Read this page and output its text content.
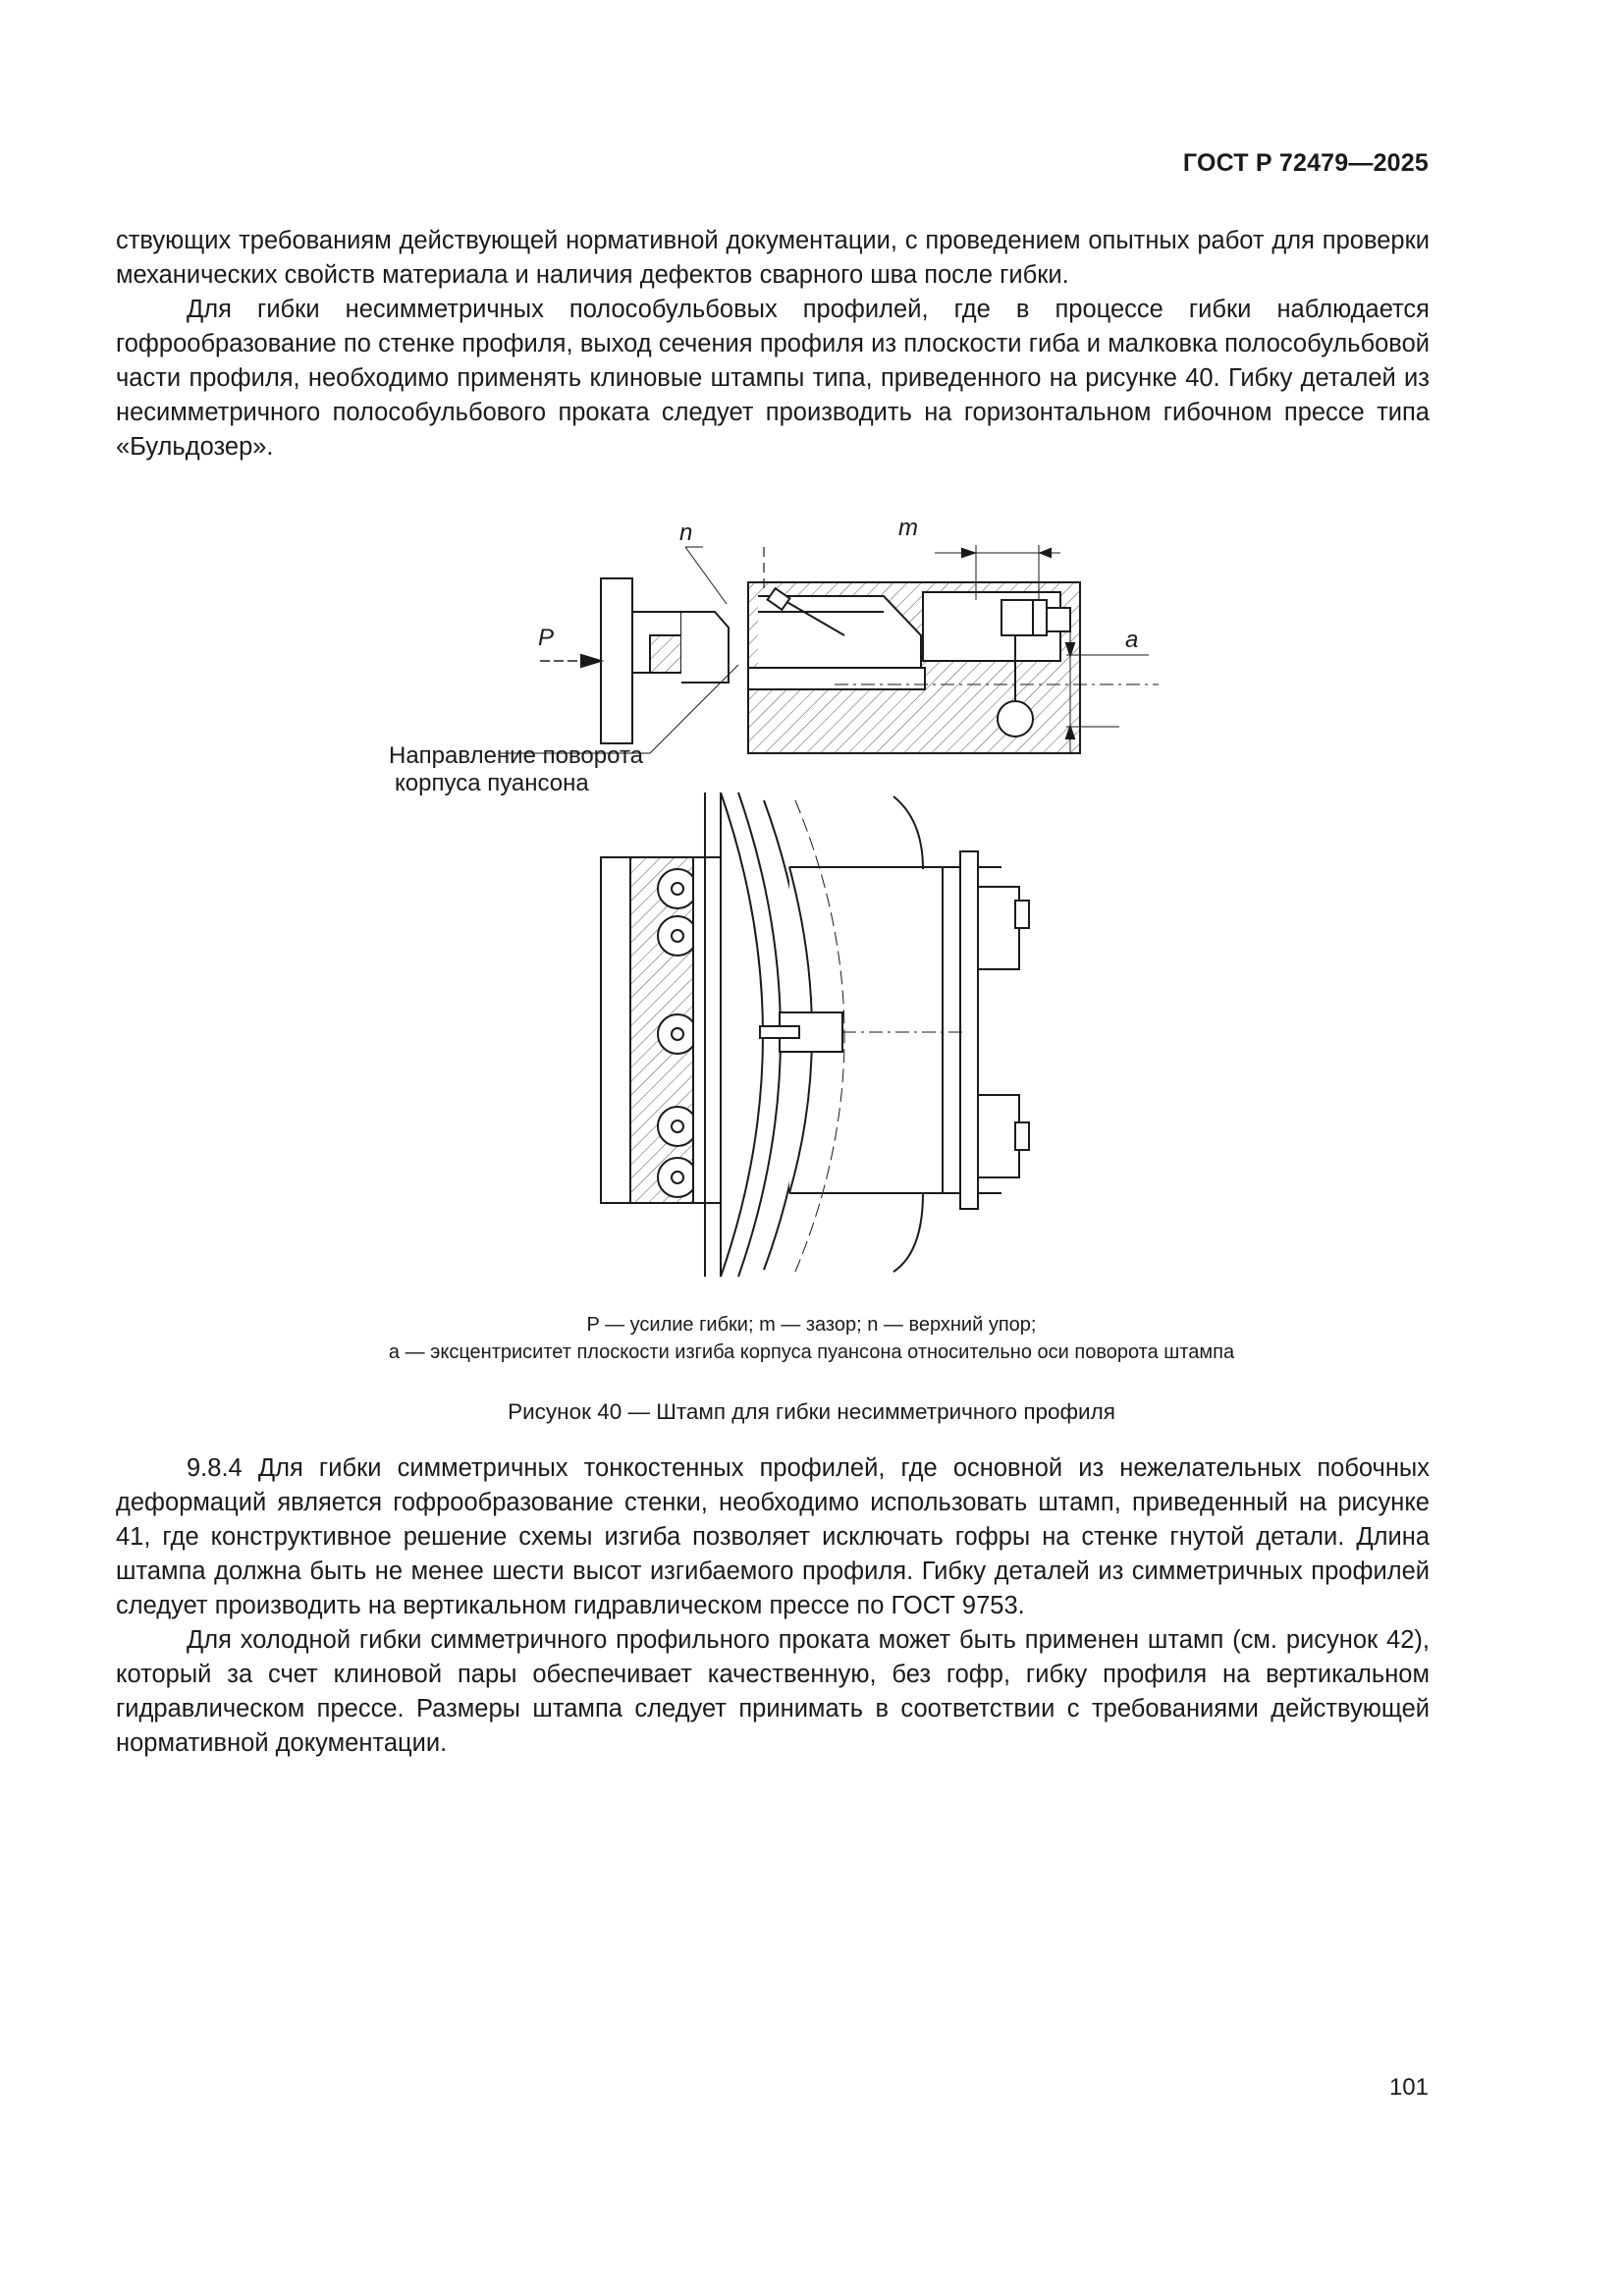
ГОСТ Р 72479—2025

ствующих требованиям действующей нормативной документации, с проведением опытных работ для проверки механических свойств материала и наличия дефектов сварного шва после гибки.

Для гибки несимметричных полособульбовых профилей, где в процессе гибки наблюдается гофрообразование по стенке профиля, выход сечения профиля из плоскости гиба и малковка полособульбовой части профиля, необходимо применять клиновые штампы типа, приведенного на рисунке 40. Гибку деталей из несимметричного полособульбового проката следует производить на горизонтальном гибочном прессе типа «Бульдозер».

n	m
P	a
Направление поворота
корпуса пуансона
P — усилие гибки; m — зазор; n — верхний упор;
a — эксцентриситет плоскости изгиба корпуса пуансона относительно оси поворота штампа
Рисунок 40 — Штамп для гибки несимметричного профиля

9.8.4 Для гибки симметричных тонкостенных профилей, где основной из нежелательных побочных деформаций является гофрообразование стенки, необходимо использовать штамп, приведенный на рисунке 41, где конструктивное решение схемы изгиба позволяет исключать гофры на стенке гнутой детали. Длина штампа должна быть не менее шести высот изгибаемого профиля. Гибку деталей из симметричных профилей следует производить на вертикальном гидравлическом прессе по ГОСТ 9753.

Для холодной гибки симметричного профильного проката может быть применен штамп (см. рисунок 42), который за счет клиновой пары обеспечивает качественную, без гофр, гибку профиля на вертикальном гидравлическом прессе. Размеры штампа следует принимать в соответствии с требованиями действующей нормативной документации.

101
